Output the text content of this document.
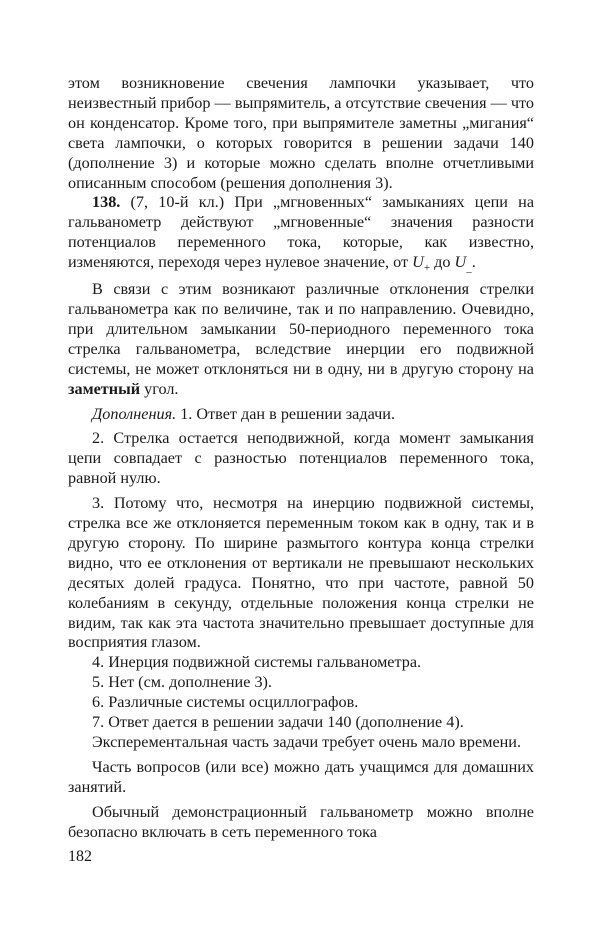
этом возникновение свечения лампочки указывает, что неизвестный прибор — выпрямитель, а отсутствие свечения — что он конденсатор. Кроме того, при выпрямителе заметны „мигания“ света лампочки, о которых говорится в решении задачи 140 (дополнение 3) и которые можно сделать вполне отчетливыми описанным способом (решения дополнения 3).

138. (7, 10-й кл.) При „мгновенных“ замыканиях цепи на гальванометр действуют „мгновенные“ значения разности потенциалов переменного тока, которые, как известно, изменяются, переходя через нулевое значение, от $U_+$ до $U_{\_}$.

В связи с этим возникают различные отклонения стрелки гальванометра как по величине, так и по направлению. Очевидно, при длительном замыкании 50-периодного переменного тока стрелка гальванометра, вследствие инерции его подвижной системы, не может отклоняться ни в одну, ни в другую сторону на заметный угол.

Дополнения. 1. Ответ дан в решении задачи.

2. Стрелка остается неподвижной, когда момент замыкания цепи совпадает с разностью потенциалов переменного тока, равной нулю.

3. Потому что, несмотря на инерцию подвижной системы, стрелка все же отклоняется переменным током как в одну, так и в другую сторону. По ширине размытого контура конца стрелки видно, что ее отклонения от вертикали не превышают нескольких десятых долей градуса. Понятно, что при частоте, равной 50 колебаниям в секунду, отдельные положения конца стрелки не видим, так как эта частота значительно превышает доступные для восприятия глазом.

4. Инерция подвижной системы гальванометра.

5. Нет (см. дополнение 3).

6. Различные системы осциллографов.

7. Ответ дается в решении задачи 140 (дополнение 4).

Эксперементальная часть задачи требует очень мало времени.

Часть вопросов (или все) можно дать учащимся для домашних занятий.

Обычный демонстрационный гальванометр можно вполне безопасно включать в сеть переменного тока

182
